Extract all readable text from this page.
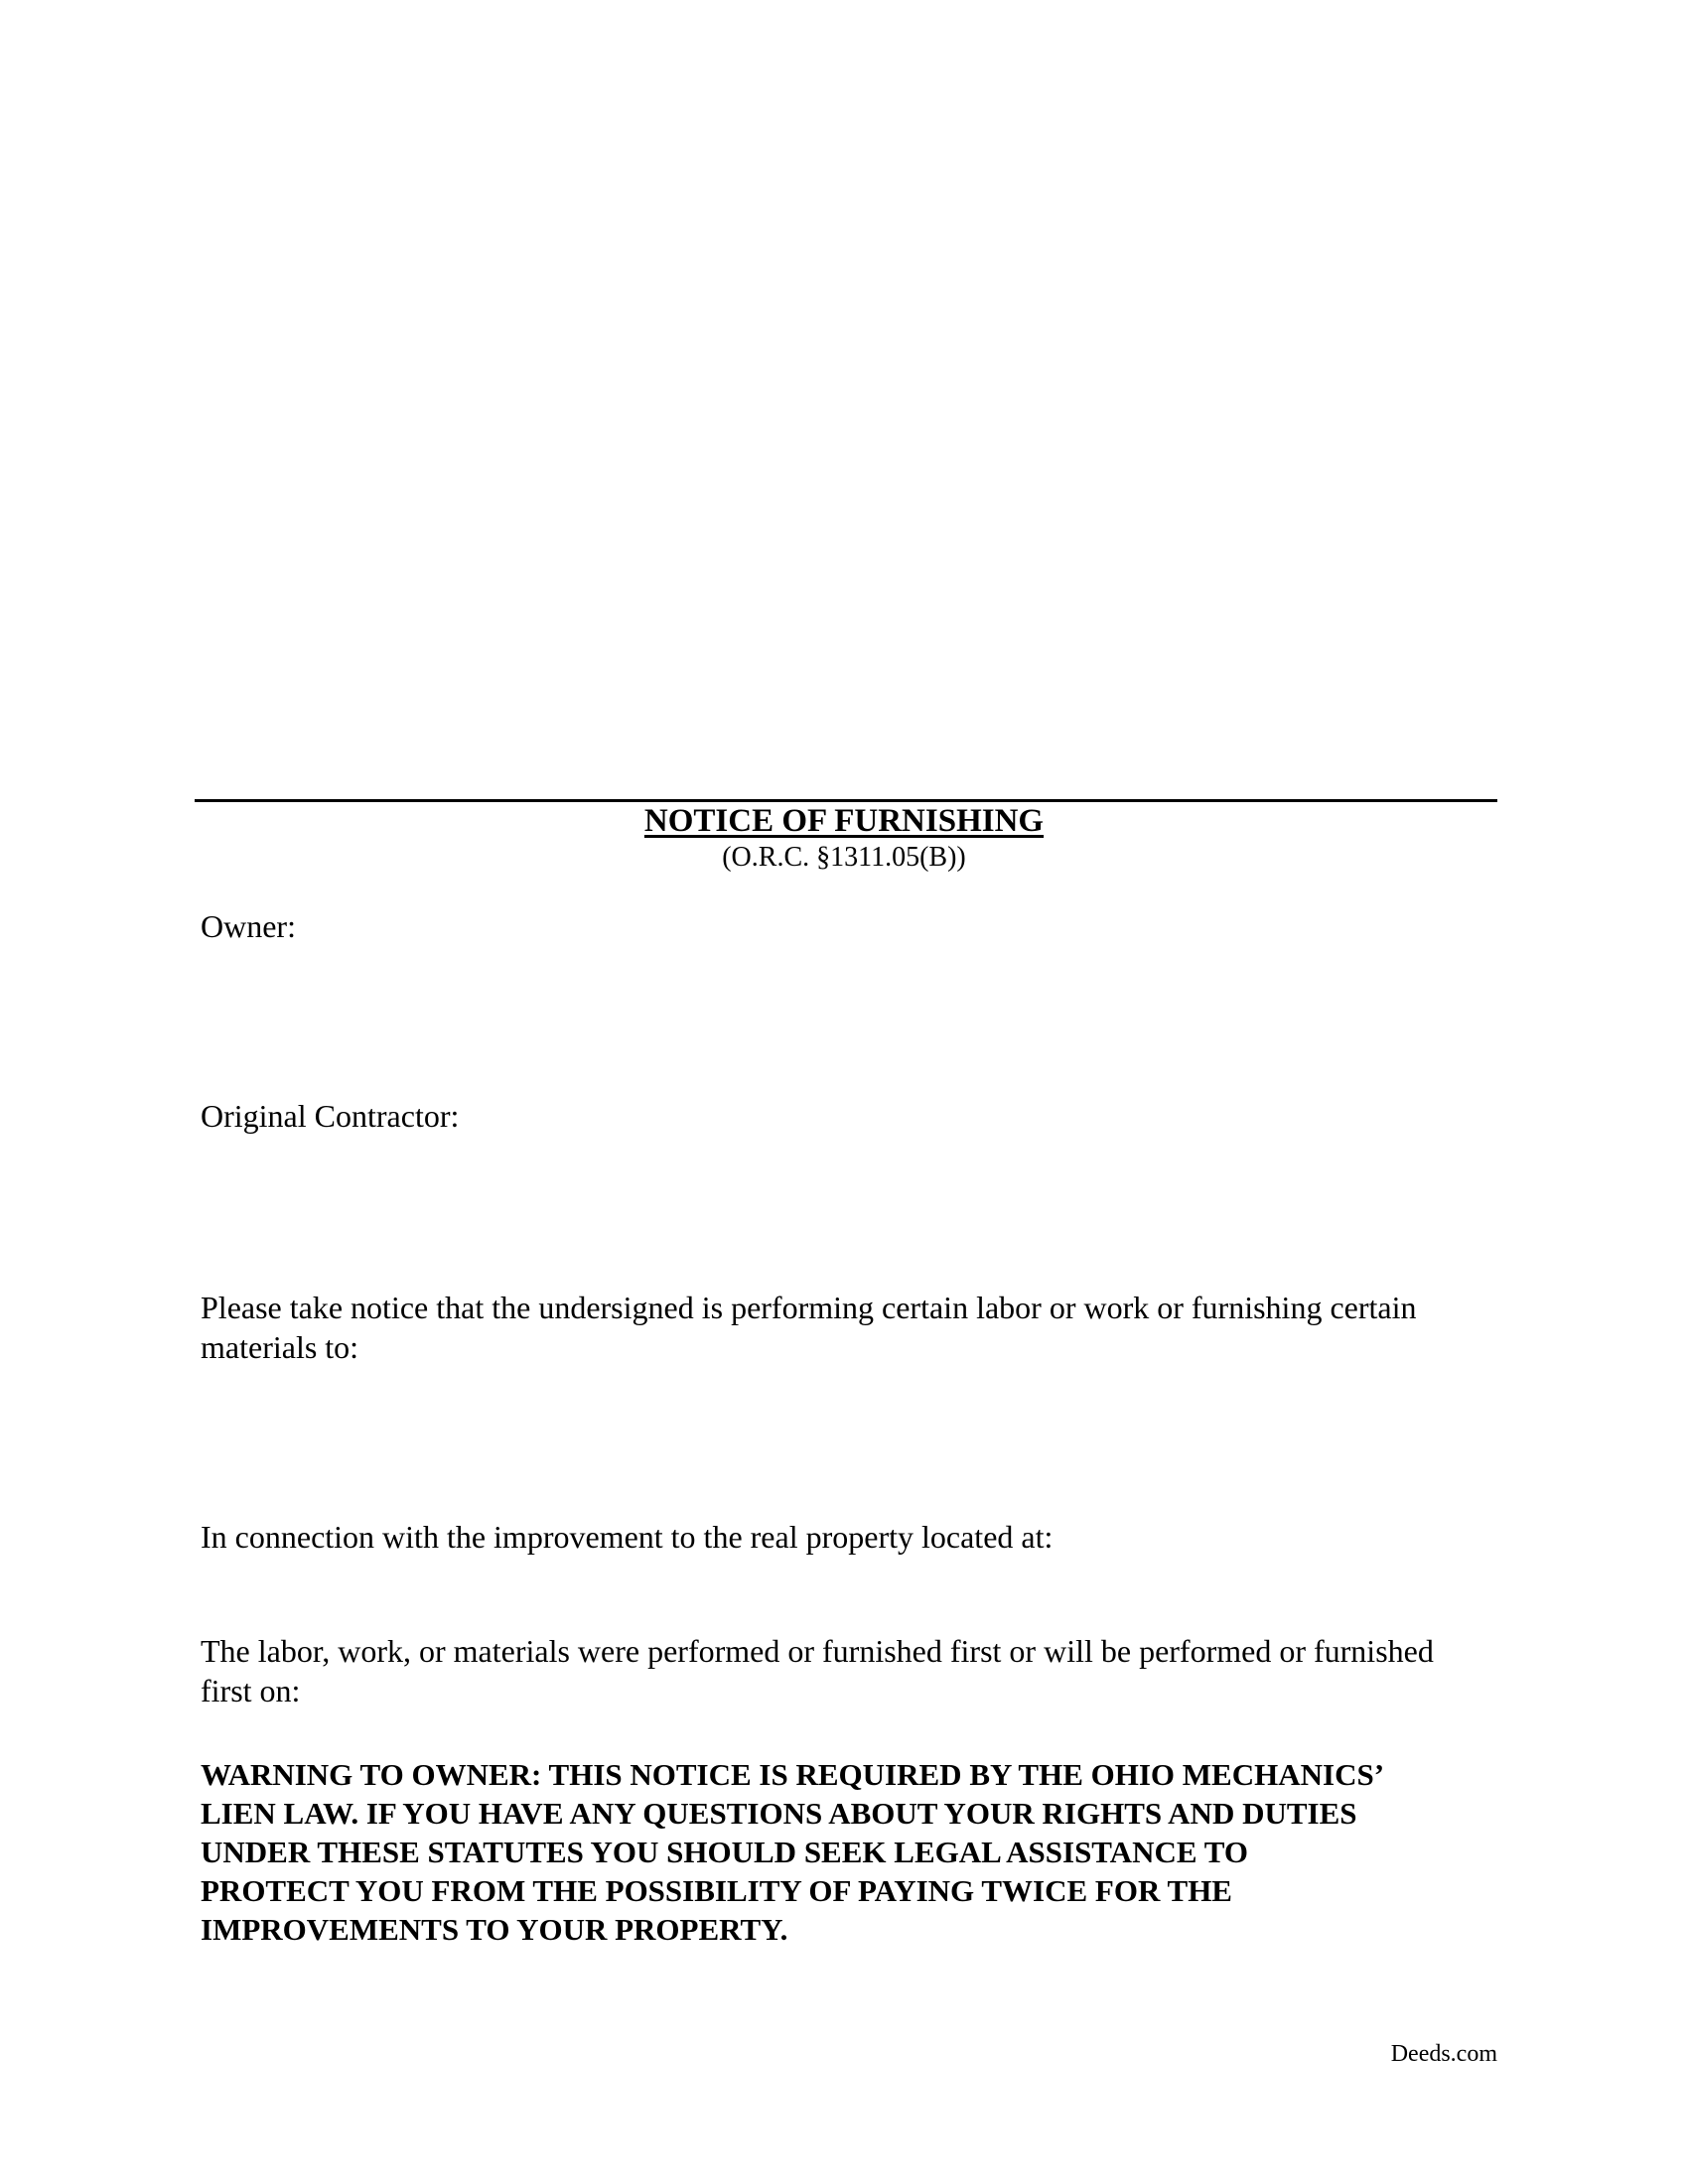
NOTICE OF FURNISHING
(O.R.C. §1311.05(B))
Owner:
Original Contractor:
Please take notice that the undersigned is performing certain labor or work or furnishing certain materials to:
In connection with the improvement to the real property located at:
The labor, work, or materials were performed or furnished first or will be performed or furnished first on:
WARNING TO OWNER: THIS NOTICE IS REQUIRED BY THE OHIO MECHANICS’
LIEN LAW. IF YOU HAVE ANY QUESTIONS ABOUT YOUR RIGHTS AND DUTIES
UNDER THESE STATUTES YOU SHOULD SEEK LEGAL ASSISTANCE TO
PROTECT YOU FROM THE POSSIBILITY OF PAYING TWICE FOR THE
IMPROVEMENTS TO YOUR PROPERTY.
Deeds.com
